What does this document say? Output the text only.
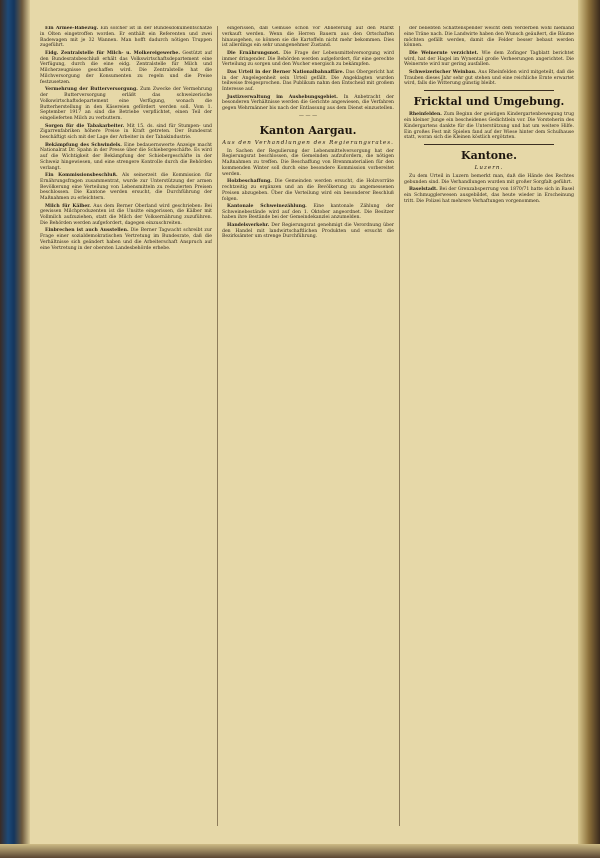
Ein Armee-Babezug. Ein solcher ist in der Bundesdokumentschätze in Olten eingetroffen worden. Er enthält ein Referenten und zwei Badewagen mit je 32 Wannen. Man hofft dadurch nötigen Truppen zugeführt.

Eidg. Zentralstelle für Milch- u. Molkereigewerbe. Gestützt auf den Bundesratsbeschluß erhält das Volkswirtschaftsdepartement eine Verfügung, durch die eine eidg. Zentralstelle für Milch und Milcherzeugnisse geschaffen wird. Die Zentralstelle hat die Milchversorgung der Konsumenten zu regeln und die Preise festzusetzen.

Vermehrung der Butterversorgung. Zum Zwecke der Vermehrung der Butterversorgung erläßt das schweizerische Volkswirtschaftsdepartement eine Verfügung, wonach die Butterherstellung in den Käsereien gefördert werden soll. Vom 1. September 1917 an sind die Betriebe verpflichtet, einen Teil der eingelieferten Milch zu verbuttern.

Sorgen für die Tabakarbeiter. Mit 15. ds. sind für Stumpen- und Zigarrenfabriken höhere Preise in Kraft getreten. Der Bundesrat beschäftigt sich mit der Lage der Arbeiter in der Tabakindustrie.

Bekämpfung des Schwindels. Eine bedauernswerte Anzeige macht Nationalrat Dr. Spahn in der Presse über die Schiebergeschäfte. Es wird auf die Wichtigkeit der Bekämpfung der Schiebergeschäfte in der Schweiz hingewiesen, und eine strengere Kontrolle durch die Behörden verlangt.

Ein Kommissionsbeschluß. Als seinerzeit die Kommission für Ernährungsfragen zusammentrat, wurde zur Unterstützung der armen Bevölkerung eine Verteilung von Lebensmitteln zu reduzierten Preisen beschlossen. Die Kantone werden ersucht, die Durchführung der Maßnahmen zu erleichtern.

Milch für Kälber. Aus dem Berner Oberland wird geschrieben: Bei gewissen Milchproduzenten ist die Unsitte eingerissen, die Kälber mit Vollmilch aufzuziehen, statt die Milch der Volksernährung zuzuführen. Die Behörden werden aufgefordert, dagegen einzuschreiten.

Einbrechen ist auch Ausstellen. Die Berner Tagwacht schreibt zur Frage einer sozialdemokratischen Vertretung im Bundesrate, daß die Verhältnisse sich geändert haben und die Arbeiterschaft Anspruch auf eine Vertretung in der obersten Landesbehörde erhebe.

eingerissen, daß Gemüse schon vor Ablieferung auf den Markt verkauft werden. Wenn die Herren Bauern aus den Ortschaften hinausgehen, so können sie die Kartoffeln nicht mehr bekommen. Dies ist allerdings ein sehr unangenehmer Zustand.

Die Ernährungsnot. Die Frage der Lebensmittelversorgung wird immer dringender. Die Behörden werden aufgefordert, für eine gerechte Verteilung zu sorgen und den Wucher energisch zu bekämpfen.

Das Urteil in der Berner Nationalbahnaffäre. Das Obergericht hat in der Angelegenheit sein Urteil gefällt. Die Angeklagten wurden teilweise freigesprochen. Das Publikum nahm den Entscheid mit großem Interesse auf.

Justizverwaltung im Aushebungsgebiet. In Anbetracht der besonderen Verhältnisse werden die Gerichte angewiesen, die Verfahren gegen Wehrmänner bis nach der Entlassung aus dem Dienst einzustellen.

— — —
Kanton Aargau.
Aus den Verhandlungen des Regierungsrates.

In Sachen der Regulierung der Lebensmittelversorgung hat der Regierungsrat beschlossen, die Gemeinden aufzufordern, die nötigen Maßnahmen zu treffen. Die Beschaffung von Brennmaterialien für den kommenden Winter soll durch eine besondere Kommission vorbereitet werden.

Holzbeschaffung. Die Gemeinden werden ersucht, die Holzvorräte rechtzeitig zu ergänzen und an die Bevölkerung zu angemessenen Preisen abzugeben. Über die Verteilung wird ein besonderer Beschluß folgen.

Kantonale Schweinezählung. Eine kantonale Zählung der Schweinebestände wird auf den 1. Oktober angeordnet. Die Besitzer haben ihre Bestände bei der Gemeindekanzlei anzumelden.

Handelsverkehr. Der Regierungsrat genehmigt die Verordnung über den Handel mit landwirtschaftlichen Produkten und ersucht die Bezirksämter um strenge Durchführung.

der beliebten Schattenspender weicht dem Verderben wohl niemand eine Träne nach. Die Landwirte haben den Wunsch geäußert, die Bäume möchten gefällt werden, damit die Felder besser bebaut werden können.

Die Weinernte verzichtet. Wie dem Zofinger Tagblatt berichtet wird, hat der Hagel im Wynental große Verheerungen angerichtet. Die Weinernte wird nur gering ausfallen.

Schweizerischer Weinbau. Aus Rheinfelden wird mitgeteilt, daß die Trauben dieses Jahr sehr gut stehen und eine reichliche Ernte erwartet wird, falls die Witterung günstig bleibt.

Fricktal und Umgebung.

Rheinfelden. Zum Beginn der geistigen Kindergartenbewegung trug ein kleiner Junge ein bescheidenes Gedichtlein vor. Die Vorsteherin des Kindergartens dankte für die Unterstützung und bat um weitere Hilfe. Ein großes Fest mit Spielen fand auf der Wiese hinter dem Schulhause statt, woran sich die Kleinen köstlich ergötzten.

Kantone.
Luzern.

Zu dem Urteil in Luzern bemerkt man, daß die Hände des Rechtes gebunden sind. Die Verhandlungen wurden mit großer Sorgfalt geführt.

Baselstadt. Bei der Grenzabsperrung von 1870/71 hatte sich in Basel ein Schmugglerwesen ausgebildet, das heute wieder in Erscheinung tritt. Die Polizei hat mehrere Verhaftungen vorgenommen.
